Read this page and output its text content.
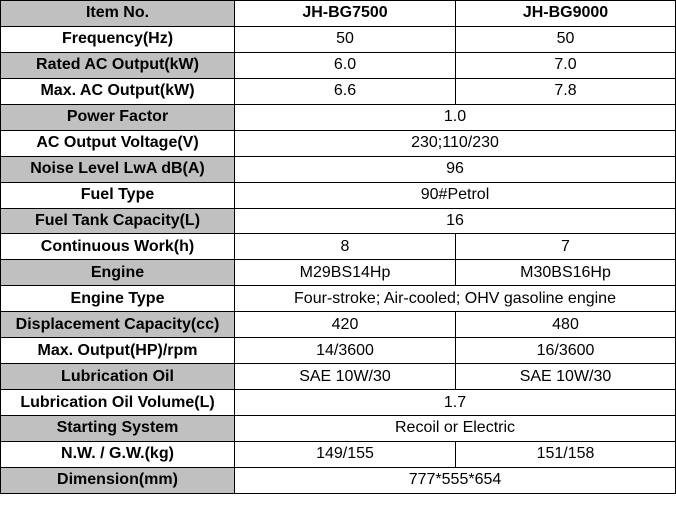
Item No.	JH-BG7500	JH-BG9000
Frequency(Hz)	50	50
Rated AC Output(kW)	6.0	7.0
Max. AC Output(kW)	6.6	7.8
Power Factor	1.0	
AC Output Voltage(V)	230;110/230	
Noise Level LwA dB(A)	96	
Fuel Type	90#Petrol	
Fuel Tank Capacity(L)	16	
Continuous Work(h)	8	7
Engine	M29BS14Hp	M30BS16Hp
Engine Type	Four-stroke; Air-cooled; OHV gasoline engine	
Displacement Capacity(cc)	420	480
Max. Output(HP)/rpm	14/3600	16/3600
Lubrication Oil	SAE 10W/30	SAE 10W/30
Lubrication Oil Volume(L)	1.7	
Starting System	Recoil or Electric	
N.W. / G.W.(kg)	149/155	151/158
Dimension(mm)	777*555*654	
